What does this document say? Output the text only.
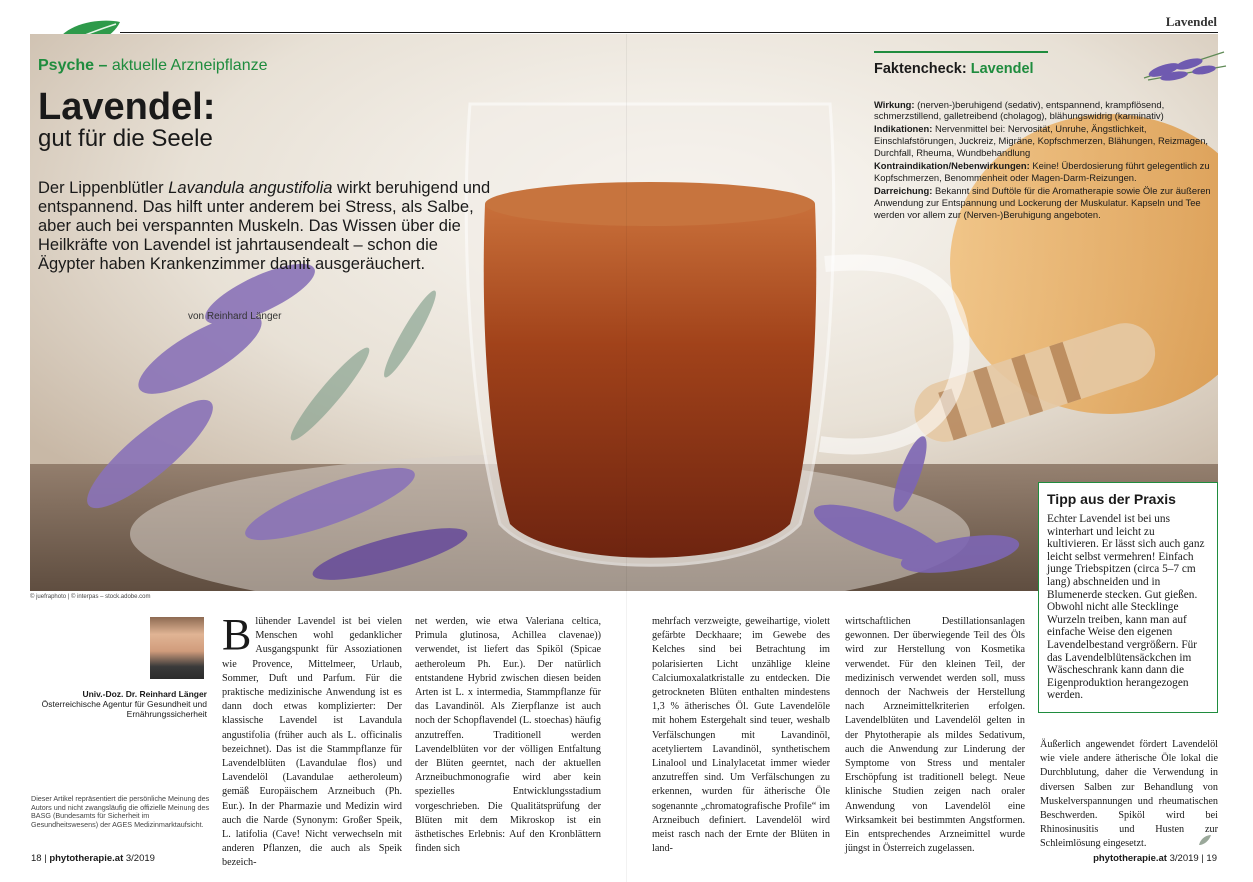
Lavendel
Psyche – aktuelle Arzneipflanze
Lavendel:
gut für die Seele
Der Lippenblütler Lavandula angustifolia wirkt beruhigend und entspannend. Das hilft unter anderem bei Stress, als Salbe, aber auch bei verspannten Muskeln. Das Wissen über die Heilkräfte von Lavendel ist jahrtausendealt – schon die Ägypter haben Krankenzimmer damit ausgeräuchert.
von Reinhard Länger
Faktencheck: Lavendel

Wirkung: (nerven-)beruhigend (sedativ), entspannend, krampflösend, schmerzstillend, galletreibend (cholagog), blähungswidrig (karminativ)

Indikationen: Nervenmittel bei: Nervosität, Unruhe, Ängstlichkeit, Einschlafstörungen, Juckreiz, Migräne, Kopfschmerzen, Blähungen, Reizmagen, Durchfall, Rheuma, Wundbehandlung

Kontraindikation/Nebenwirkungen: Keine! Überdosierung führt gelegentlich zu Kopfschmerzen, Benommenheit oder Magen-Darm-Reizungen.

Darreichung: Bekannt sind Duftöle für die Aromatherapie sowie Öle zur äußeren Anwendung zur Entspannung und Lockerung der Muskulatur. Kapseln und Tee werden vor allem zur (Nerven-)Beruhigung angeboten.

Tipp aus der Praxis

Echter Lavendel ist bei uns winterhart und leicht zu kultivieren. Er lässt sich auch ganz leicht selbst vermehren! Einfach junge Triebspitzen (circa 5–7 cm lang) abschneiden und in Blumenerde stecken. Gut gießen. Obwohl nicht alle Stecklinge Wurzeln treiben, kann man auf einfache Weise den eigenen Lavendelbestand vergrößern. Für das Lavendelblütensäckchen im Wäscheschrank kann dann die Eigenproduktion herangezogen werden.

© juefraphoto | © interpas – stock.adobe.com
Univ.-Doz. Dr. Reinhard Länger
Österreichische Agentur für Gesundheit und Ernährungssicherheit
Dieser Artikel repräsentiert die persönliche Meinung des Autors und nicht zwangsläufig die offizielle Meinung des BASG (Bundesamts für Sicherheit im Gesundheitswesens) der AGES Medizinmarktaufsicht.
Blühender Lavendel ist bei vielen Menschen wohl gedanklicher Ausgangspunkt für Assoziationen wie Provence, Mittelmeer, Urlaub, Sommer, Duft und Parfum. Für die praktische medizinische Anwendung ist es dann doch etwas komplizierter: Der klassische Lavendel ist Lavandula angustifolia (früher auch als L. officinalis bezeichnet). Das ist die Stammpflanze für Lavendelblüten (Lavandulae flos) und Lavendelöl (Lavandulae aetheroleum) gemäß Europäischem Arzneibuch (Ph. Eur.). In der Pharmazie und Medizin wird auch die Narde (Synonym: Großer Speik, L. latifolia (Cave! Nicht verwechseln mit anderen Pflanzen, die auch als Speik bezeich-
net werden, wie etwa Valeriana celtica, Primula glutinosa, Achillea clavenae)) verwendet, ist liefert das Spiköl (Spicae aetheroleum Ph. Eur.). Der natürlich entstandene Hybrid zwischen diesen beiden Arten ist L. x intermedia, Stammpflanze für das Lavandinöl. Als Zierpflanze ist auch noch der Schopflavendel (L. stoechas) häufig anzutreffen. Traditionell werden Lavendelblüten vor der völligen Entfaltung der Blüten geerntet, nach der aktuellen Arzneibuchmonografie wird aber kein spezielles Entwicklungsstadium vorgeschrieben. Die Qualitätsprüfung der Blüten mit dem Mikroskop ist ein ästhetisches Erlebnis: Auf den Kronblättern finden sich
mehrfach verzweigte, geweihartige, violett gefärbte Deckhaare; im Gewebe des Kelches sind bei Betrachtung im polarisierten Licht unzählige kleine Calciumoxalatkristalle zu entdecken. Die getrockneten Blüten enthalten mindestens 1,3 % ätherisches Öl. Gute Lavendelöle mit hohem Estergehalt sind teuer, weshalb Verfälschungen mit Lavandinöl, acetyliertem Lavandinöl, synthetischem Linalool und Linalylacetat immer wieder anzutreffen sind. Um Verfälschungen zu erkennen, wurden für ätherische Öle sogenannte „chromatografische Profile“ im Arzneibuch definiert. Lavendelöl wird meist rasch nach der Ernte der Blüten in land-
wirtschaftlichen Destillationsanlagen gewonnen. Der überwiegende Teil des Öls wird zur Herstellung von Kosmetika verwendet. Für den kleinen Teil, der medizinisch verwendet werden soll, muss dennoch der Nachweis der Herstellung nach Arzneimittelkriterien erfolgen. Lavendelblüten und Lavendelöl gelten in der Phytotherapie als mildes Sedativum, auch die Anwendung zur Linderung der Symptome von Stress und mentaler Erschöpfung ist traditionell belegt. Neue klinische Studien zeigen nach oraler Anwendung von Lavendelöl eine Wirksamkeit bei bestimmten Angstformen. Ein entsprechendes Arzneimittel wurde jüngst in Österreich zugelassen.
Äußerlich angewendet fördert Lavendelöl wie viele andere ätherische Öle lokal die Durchblutung, daher die Verwendung in diversen Salben zur Behandlung von Muskelverspannungen und rheumatischen Beschwerden. Spiköl wird bei Rhinosinusitis und Husten zur Schleimlösung eingesetzt.
18 | phytotherapie.at 3/2019	phytotherapie.at 3/2019 | 19
